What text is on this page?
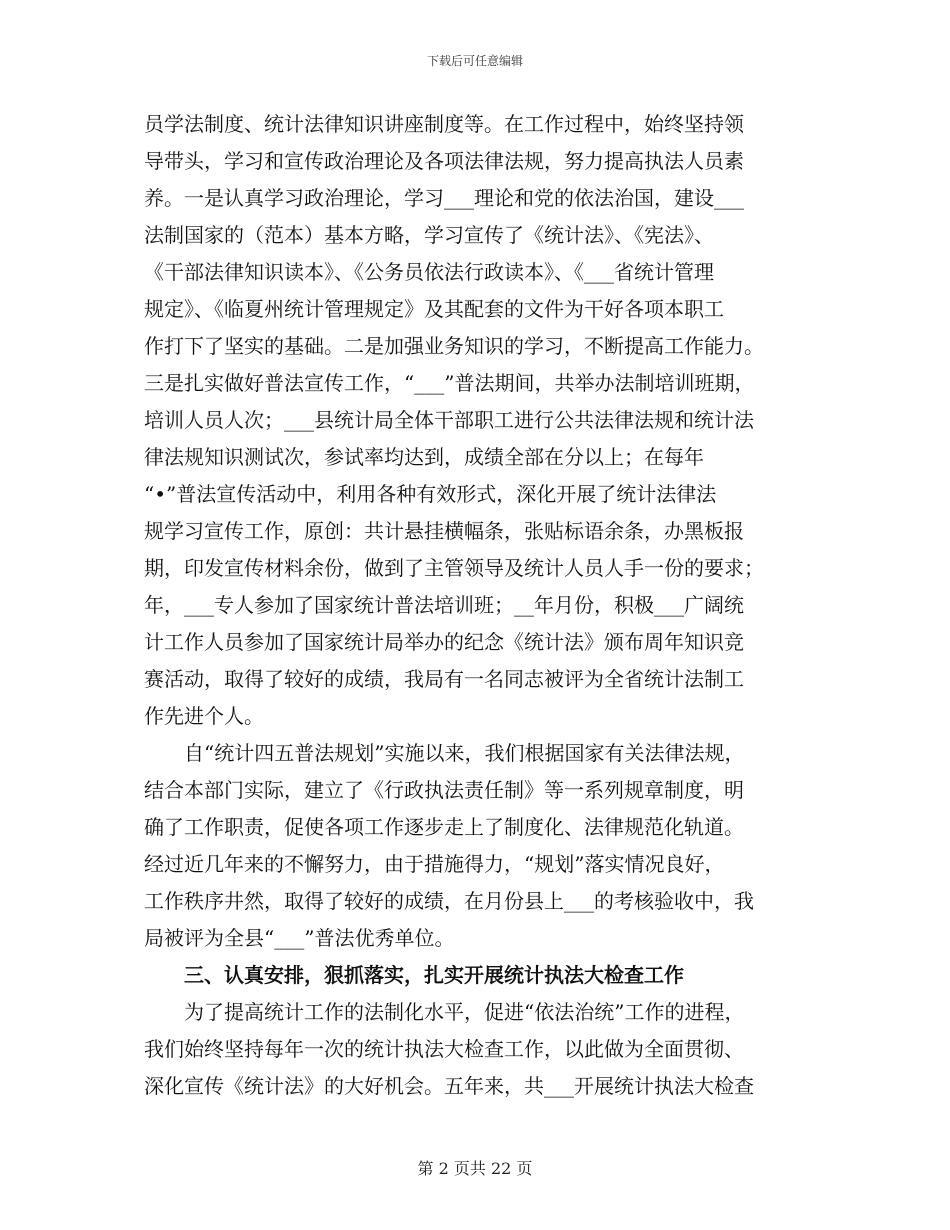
下载后可任意编辑
员学法制度、统计法律知识讲座制度等。在工作过程中，始终坚持领
导带头，学习和宣传政治理论及各项法律法规，努力提高执法人员素
养。一是认真学习政治理论，学习___理论和党的依法治国，建设___
法制国家的（范本）基本方略，学习宣传了《统计法》、《宪法》、
《干部法律知识读本》、《公务员依法行政读本》、《___省统计管理
规定》、《临夏州统计管理规定》及其配套的文件为干好各项本职工
作打下了坚实的基础。二是加强业务知识的学习，不断提高工作能力。
三是扎实做好普法宣传工作，“___”普法期间，共举办法制培训班期，
培训人员人次；___县统计局全体干部职工进行公共法律法规和统计法
律法规知识测试次，参试率均达到，成绩全部在分以上；在每年
“•”普法宣传活动中，利用各种有效形式，深化开展了统计法律法
规学习宣传工作，原创：共计悬挂横幅条，张贴标语余条，办黑板报
期，印发宣传材料余份，做到了主管领导及统计人员人手一份的要求；
年，___专人参加了国家统计普法培训班；__年月份，积极___广阔统
计工作人员参加了国家统计局举办的纪念《统计法》颁布周年知识竞
赛活动，取得了较好的成绩，我局有一名同志被评为全省统计法制工
作先进个人。
自“统计四五普法规划”实施以来，我们根据国家有关法律法规，
结合本部门实际，建立了《行政执法责任制》等一系列规章制度，明
确了工作职责，促使各项工作逐步走上了制度化、法律规范化轨道。
经过近几年来的不懈努力，由于措施得力，“规划”落实情况良好，
工作秩序井然，取得了较好的成绩，在月份县上___的考核验收中，我
局被评为全县“___”普法优秀单位。
三、认真安排，狠抓落实，扎实开展统计执法大检查工作
为了提高统计工作的法制化水平，促进“依法治统”工作的进程，
我们始终坚持每年一次的统计执法大检查工作，以此做为全面贯彻、
深化宣传《统计法》的大好机会。五年来，共___开展统计执法大检查
第 2 页共 22 页
